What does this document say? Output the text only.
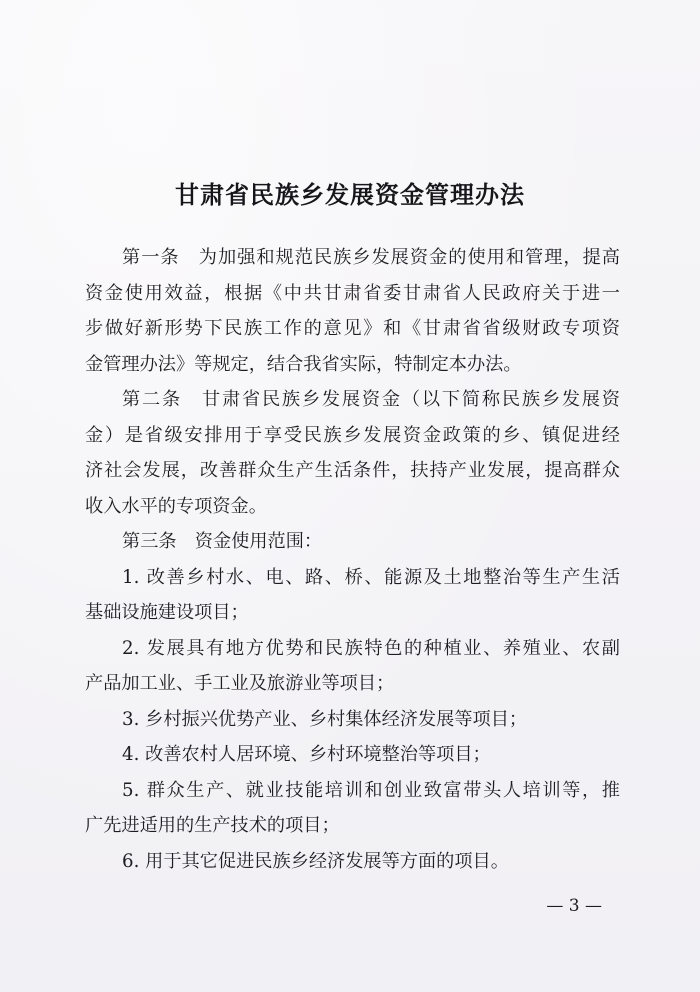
甘肃省民族乡发展资金管理办法

第一条　为加强和规范民族乡发展资金的使用和管理，提高
资金使用效益，根据《中共甘肃省委甘肃省人民政府关于进一
步做好新形势下民族工作的意见》和《甘肃省省级财政专项资
金管理办法》等规定，结合我省实际，特制定本办法。

第二条　甘肃省民族乡发展资金（以下简称民族乡发展资
金）是省级安排用于享受民族乡发展资金政策的乡、镇促进经
济社会发展，改善群众生产生活条件，扶持产业发展，提高群众
收入水平的专项资金。

第三条　资金使用范围：

1. 改善乡村水、电、路、桥、能源及土地整治等生产生活
基础设施建设项目；

2. 发展具有地方优势和民族特色的种植业、养殖业、农副
产品加工业、手工业及旅游业等项目；

3. 乡村振兴优势产业、乡村集体经济发展等项目；

4. 改善农村人居环境、乡村环境整治等项目；

5. 群众生产、就业技能培训和创业致富带头人培训等，推
广先进适用的生产技术的项目；

6. 用于其它促进民族乡经济发展等方面的项目。

— 3 —
